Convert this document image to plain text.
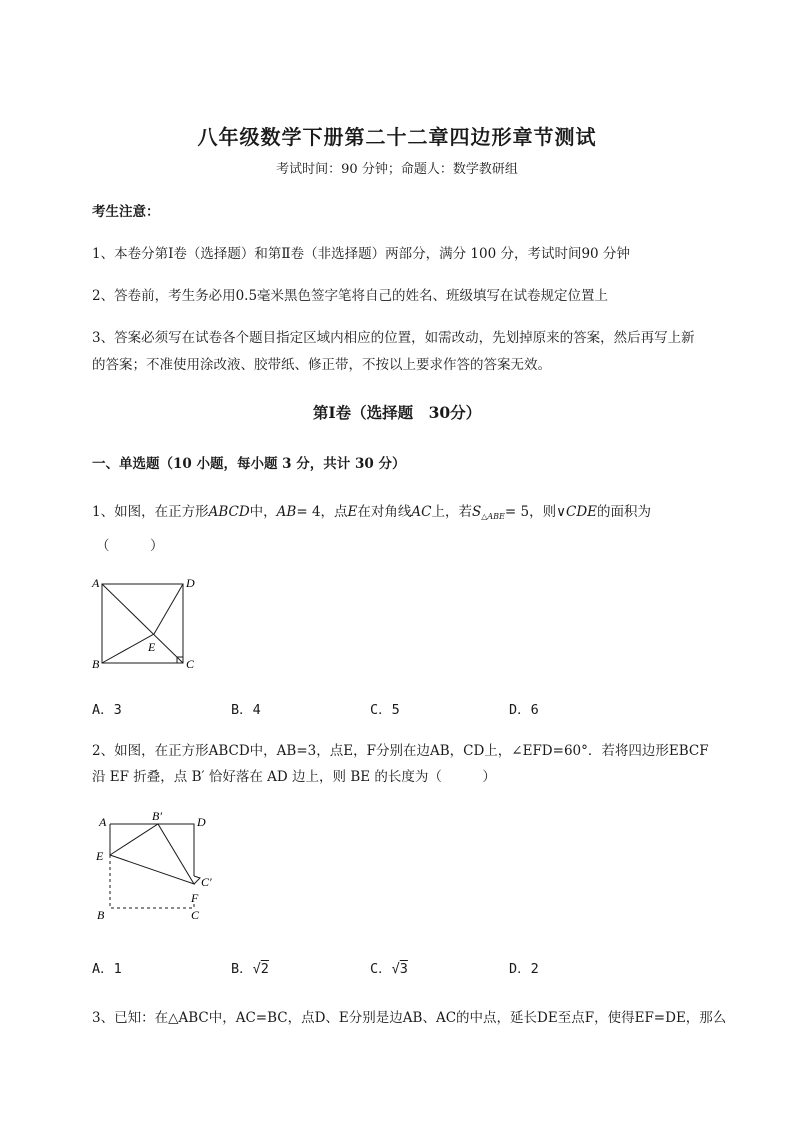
八年级数学下册第二十二章四边形章节测试
考试时间：90 分钟；命题人：数学教研组
考生注意：
1、本卷分第Ⅰ卷（选择题）和第Ⅱ卷（非选择题）两部分，满分 100 分，考试时间90 分钟
2、答卷前，考生务必用0.5毫米黑色签字笔将自己的姓名、班级填写在试卷规定位置上
3、答案必须写在试卷各个题目指定区域内相应的位置，如需改动，先划掉原来的答案，然后再写上新
的答案；不准使用涂改液、胶带纸、修正带，不按以上要求作答的答案无效。
第Ⅰ卷（选择题　30分）
一、单选题（10 小题，每小题 3 分，共计 30 分）
1、如图，在正方形ABCD中，AB= 4，点E在对角线AC上，若$S_{\triangle ABE}= 5$，则∨CDE的面积为
（　　　）
A	D
B	C
E
A．3	B．4	C．5	D．6
2、如图，在正方形ABCD中，AB=3，点E，F分别在边AB，CD上，∠EFD=60°．若将四边形EBCF
沿 EF 折叠，点 B′ 恰好落在 AD 边上，则 BE 的长度为（　　　）
A	B′	D
E
C′
F
B	C
A．1	B．√2	C．√3	D．2
3、已知：在△ABC中，AC=BC，点D、E分别是边AB、AC的中点，延长DE至点F，使得EF=DE，那么
